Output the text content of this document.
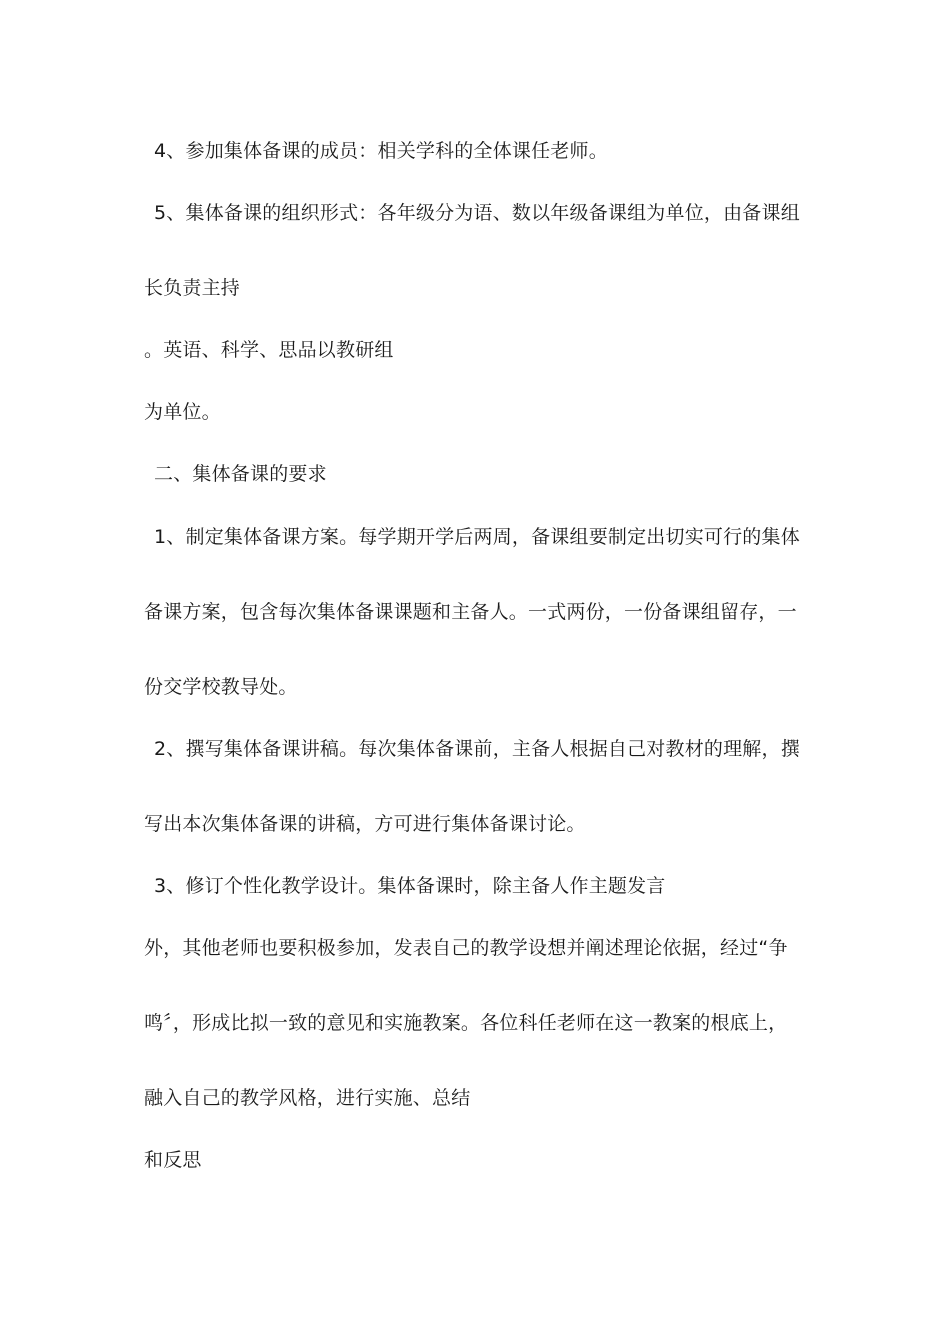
4、参加集体备课的成员：相关学科的全体课任老师。
5、集体备课的组织形式：各年级分为语、数以年级备课组为单位，由备课组
长负责主持
。英语、科学、思品以教研组
为单位。
二、集体备课的要求
1、制定集体备课方案。每学期开学后两周，备课组要制定出切实可行的集体
备课方案，包含每次集体备课课题和主备人。一式两份，一份备课组留存，一
份交学校教导处。
2、撰写集体备课讲稿。每次集体备课前，主备人根据自己对教材的理解，撰
写出本次集体备课的讲稿，方可进行集体备课讨论。
3、修订个性化教学设计。集体备课时，除主备人作主题发言
外，其他老师也要积极参加，发表自己的教学设想并阐述理论依据，经过“争
鸣〞，形成比拟一致的意见和实施教案。各位科任老师在这一教案的根底上，
融入自己的教学风格，进行实施、总结
和反思
